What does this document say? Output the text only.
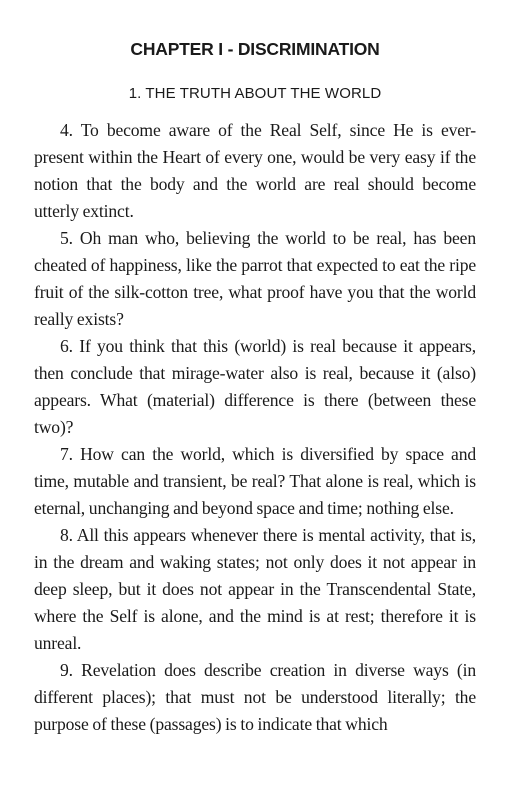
CHAPTER I - DISCRIMINATION
1. THE TRUTH ABOUT THE WORLD

4. To become aware of the Real Self, since He is ever-present within the Heart of every one, would be very easy if the notion that the body and the world are real should become utterly extinct.

5. Oh man who, believing the world to be real, has been cheated of happiness, like the parrot that expected to eat the ripe fruit of the silk-cotton tree, what proof have you that the world really exists?

6. If you think that this (world) is real because it appears, then conclude that mirage-water also is real, because it (also) appears. What (material) difference is there (between these two)?

7. How can the world, which is diversified by space and time, mutable and transient, be real? That alone is real, which is eternal, unchanging and beyond space and time; nothing else.

8. All this appears whenever there is mental activity, that is, in the dream and waking states; not only does it not appear in deep sleep, but it does not appear in the Transcendental State, where the Self is alone, and the mind is at rest; therefore it is unreal.

9. Revelation does describe creation in diverse ways (in different places); that must not be understood literally; the purpose of these (passages) is to indicate that which
